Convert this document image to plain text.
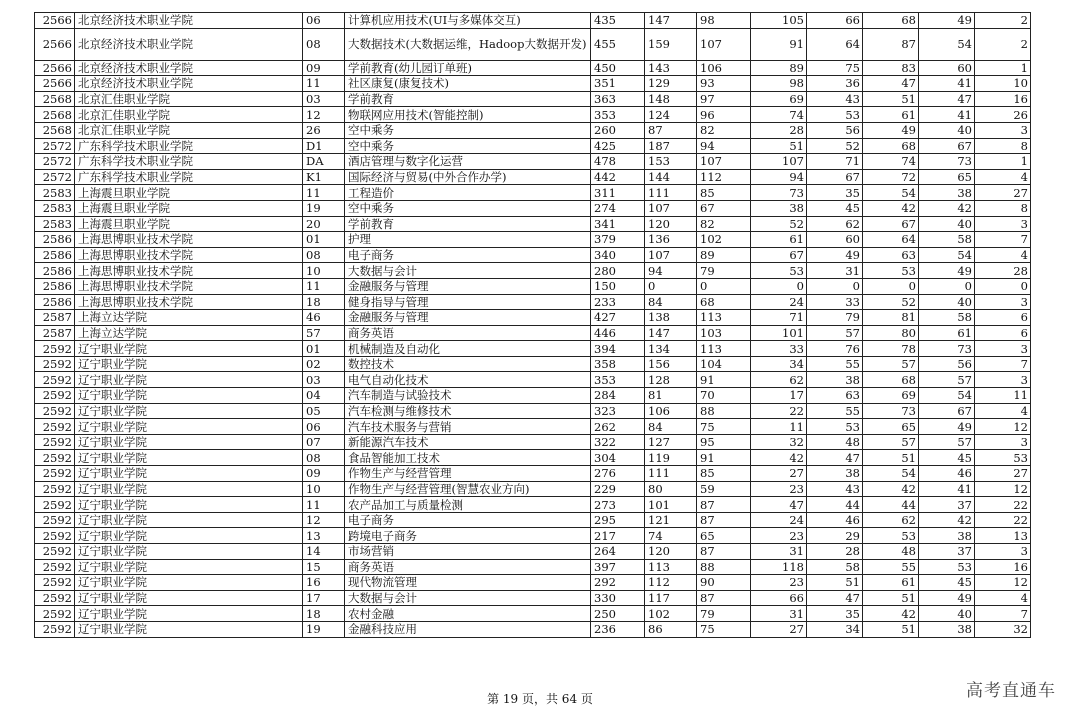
2566	北京经济技术职业学院	06	计算机应用技术(UI与多媒体交互)	435	147	98	105	66	68	49	2
2566	北京经济技术职业学院	08	大数据技术(大数据运维，Hadoop大数据开发)	455	159	107	91	64	87	54	2
2566	北京经济技术职业学院	09	学前教育(幼儿园订单班)	450	143	106	89	75	83	60	1
2566	北京经济技术职业学院	11	社区康复(康复技术)	351	129	93	98	36	47	41	10
2568	北京汇佳职业学院	03	学前教育	363	148	97	69	43	51	47	16
2568	北京汇佳职业学院	12	物联网应用技术(智能控制)	353	124	96	74	53	61	41	26
2568	北京汇佳职业学院	26	空中乘务	260	87	82	28	56	49	40	3
2572	广东科学技术职业学院	D1	空中乘务	425	187	94	51	52	68	67	8
2572	广东科学技术职业学院	DA	酒店管理与数字化运营	478	153	107	107	71	74	73	1
2572	广东科学技术职业学院	K1	国际经济与贸易(中外合作办学)	442	144	112	94	67	72	65	4
2583	上海震旦职业学院	11	工程造价	311	111	85	73	35	54	38	27
2583	上海震旦职业学院	19	空中乘务	274	107	67	38	45	42	42	8
2583	上海震旦职业学院	20	学前教育	341	120	82	52	62	67	40	3
2586	上海思博职业技术学院	01	护理	379	136	102	61	60	64	58	7
2586	上海思博职业技术学院	08	电子商务	340	107	89	67	49	63	54	4
2586	上海思博职业技术学院	10	大数据与会计	280	94	79	53	31	53	49	28
2586	上海思博职业技术学院	11	金融服务与管理	150	0	0	0	0	0	0	0
2586	上海思博职业技术学院	18	健身指导与管理	233	84	68	24	33	52	40	3
2587	上海立达学院	46	金融服务与管理	427	138	113	71	79	81	58	6
2587	上海立达学院	57	商务英语	446	147	103	101	57	80	61	6
2592	辽宁职业学院	01	机械制造及自动化	394	134	113	33	76	78	73	3
2592	辽宁职业学院	02	数控技术	358	156	104	34	55	57	56	7
2592	辽宁职业学院	03	电气自动化技术	353	128	91	62	38	68	57	3
2592	辽宁职业学院	04	汽车制造与试验技术	284	81	70	17	63	69	54	11
2592	辽宁职业学院	05	汽车检测与维修技术	323	106	88	22	55	73	67	4
2592	辽宁职业学院	06	汽车技术服务与营销	262	84	75	11	53	65	49	12
2592	辽宁职业学院	07	新能源汽车技术	322	127	95	32	48	57	57	3
2592	辽宁职业学院	08	食品智能加工技术	304	119	91	42	47	51	45	53
2592	辽宁职业学院	09	作物生产与经营管理	276	111	85	27	38	54	46	27
2592	辽宁职业学院	10	作物生产与经营管理(智慧农业方向)	229	80	59	23	43	42	41	12
2592	辽宁职业学院	11	农产品加工与质量检测	273	101	87	47	44	44	37	22
2592	辽宁职业学院	12	电子商务	295	121	87	24	46	62	42	22
2592	辽宁职业学院	13	跨境电子商务	217	74	65	23	29	53	38	13
2592	辽宁职业学院	14	市场营销	264	120	87	31	28	48	37	3
2592	辽宁职业学院	15	商务英语	397	113	88	118	58	55	53	16
2592	辽宁职业学院	16	现代物流管理	292	112	90	23	51	61	45	12
2592	辽宁职业学院	17	大数据与会计	330	117	87	66	47	51	49	4
2592	辽宁职业学院	18	农村金融	250	102	79	31	35	42	40	7
2592	辽宁职业学院	19	金融科技应用	236	86	75	27	34	51	38	32
第 19 页，共 64 页	高考直通车
